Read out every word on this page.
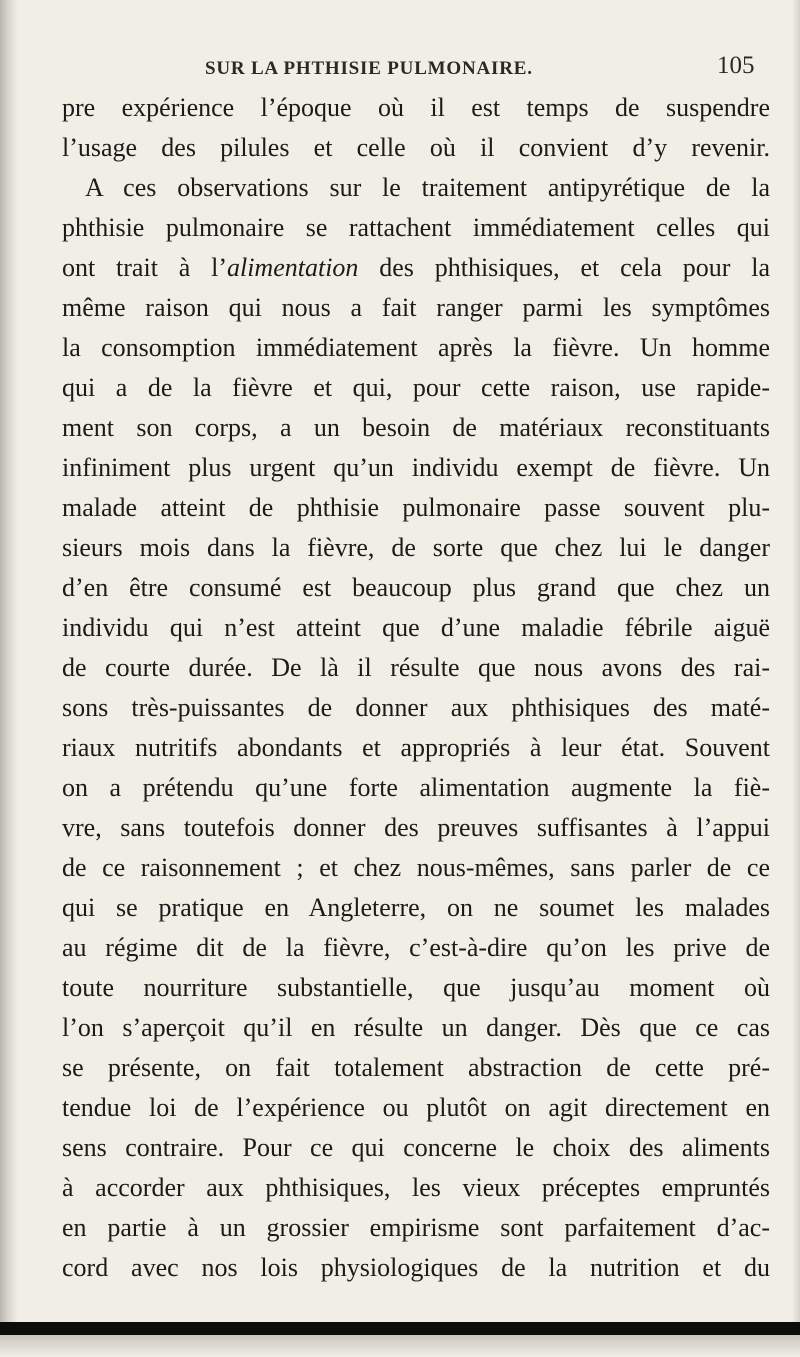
SUR LA PHTHISIE PULMONAIRE.	105
pre expérience l’époque où il est temps de suspendre
l’usage des pilules et celle où il convient d’y revenir.
A ces observations sur le traitement antipyrétique de la
phthisie pulmonaire se rattachent immédiatement celles qui
ont trait à l’alimentation des phthisiques, et cela pour la
même raison qui nous a fait ranger parmi les symptômes
la consomption immédiatement après la fièvre. Un homme
qui a de la fièvre et qui, pour cette raison, use rapide-
ment son corps, a un besoin de matériaux reconstituants
infiniment plus urgent qu’un individu exempt de fièvre. Un
malade atteint de phthisie pulmonaire passe souvent plu-
sieurs mois dans la fièvre, de sorte que chez lui le danger
d’en être consumé est beaucoup plus grand que chez un
individu qui n’est atteint que d’une maladie fébrile aiguë
de courte durée. De là il résulte que nous avons des rai-
sons très-puissantes de donner aux phthisiques des maté-
riaux nutritifs abondants et appropriés à leur état. Souvent
on a prétendu qu’une forte alimentation augmente la fiè-
vre, sans toutefois donner des preuves suffisantes à l’appui
de ce raisonnement ; et chez nous-mêmes, sans parler de ce
qui se pratique en Angleterre, on ne soumet les malades
au régime dit de la fièvre, c’est-à-dire qu’on les prive de
toute nourriture substantielle, que jusqu’au moment où
l’on s’aperçoit qu’il en résulte un danger. Dès que ce cas
se présente, on fait totalement abstraction de cette pré-
tendue loi de l’expérience ou plutôt on agit directement en
sens contraire. Pour ce qui concerne le choix des aliments
à accorder aux phthisiques, les vieux préceptes empruntés
en partie à un grossier empirisme sont parfaitement d’ac-
cord avec nos lois physiologiques de la nutrition et du
